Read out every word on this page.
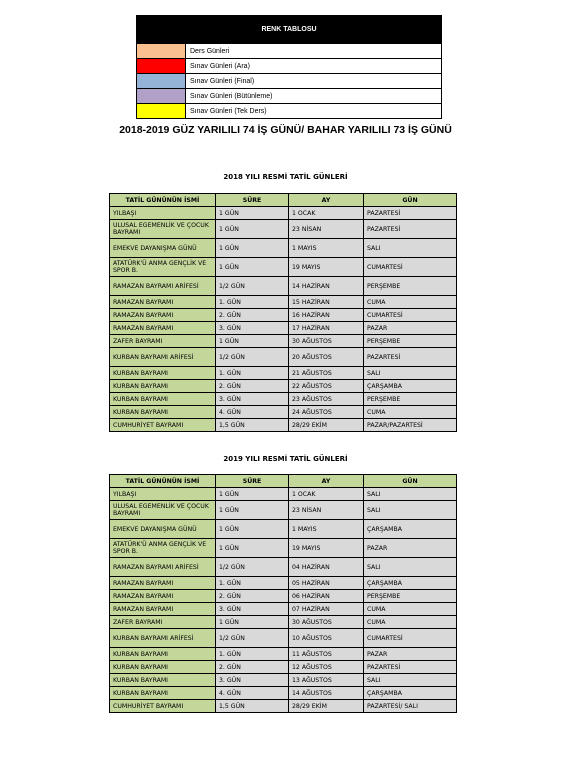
RENK TABLOSU	
	Ders Günleri
	Sınav Günleri (Ara)
	Sınav Günleri (Final)
	Sınav Günleri (Bütünleme)
	Sınav Günleri (Tek Ders)
2018-2019 GÜZ YARILILI 74 İŞ GÜNÜ/ BAHAR YARILILI 73 İŞ GÜNÜ
2018 YILI RESMİ TATİL GÜNLERİ
TATİL GÜNÜNÜN İSMİ	SÜRE	AY	GÜN
YILBAŞI	1 GÜN	1 OCAK	PAZARTESİ
ULUSAL EGEMENLİK VE ÇOCUK BAYRAMI	1 GÜN	23 NİSAN	PAZARTESİ
EMEKVE DAYANIŞMA GÜNÜ	1 GÜN	1 MAYIS	SALI
ATATÜRK'Ü ANMA GENÇLİK VE SPOR B.	1 GÜN	19 MAYIS	CUMARTESİ
RAMAZAN BAYRAMI ARİFESİ	1/2 GÜN	14 HAZİRAN	PERŞEMBE
RAMAZAN BAYRAMI	1. GÜN	15 HAZİRAN	CUMA
RAMAZAN BAYRAMI	2. GÜN	16 HAZİRAN	CUMARTESİ
RAMAZAN BAYRAMI	3. GÜN	17 HAZİRAN	PAZAR
ZAFER BAYRAMI	1 GÜN	30 AĞUSTOS	PERŞEMBE
KURBAN BAYRAMI ARİFESİ	1/2 GÜN	20 AĞUSTOS	PAZARTESİ
KURBAN BAYRAMI	1. GÜN	21 AĞUSTOS	SALI
KURBAN BAYRAMI	2. GÜN	22 AĞUSTOS	ÇARŞAMBA
KURBAN BAYRAMI	3. GÜN	23 AĞUSTOS	PERŞEMBE
KURBAN BAYRAMI	4. GÜN	24 AĞUSTOS	CUMA
CUMHURİYET BAYRAMI	1,5 GÜN	28/29 EKİM	PAZAR/PAZARTESİ
2019 YILI RESMİ TATİL GÜNLERİ
TATİL GÜNÜNÜN İSMİ	SÜRE	AY	GÜN
YILBAŞI	1 GÜN	1 OCAK	SALI
ULUSAL EGEMENLİK VE ÇOCUK BAYRAMI	1 GÜN	23 NİSAN	SALI
EMEKVE DAYANIŞMA GÜNÜ	1 GÜN	1 MAYIS	ÇARŞAMBA
ATATÜRK'Ü ANMA GENÇLİK VE SPOR B.	1 GÜN	19 MAYIS	PAZAR
RAMAZAN BAYRAMI ARİFESİ	1/2 GÜN	04 HAZİRAN	SALI
RAMAZAN BAYRAMI	1. GÜN	05 HAZİRAN	ÇARŞAMBA
RAMAZAN BAYRAMI	2. GÜN	06 HAZİRAN	PERŞEMBE
RAMAZAN BAYRAMI	3. GÜN	07 HAZİRAN	CUMA
ZAFER BAYRAMI	1 GÜN	30 AĞUSTOS	CUMA
KURBAN BAYRAMI ARİFESİ	1/2 GÜN	10 AĞUSTOS	CUMARTESİ
KURBAN BAYRAMI	1. GÜN	11 AĞUSTOS	PAZAR
KURBAN BAYRAMI	2. GÜN	12 AĞUSTOS	PAZARTESİ
KURBAN BAYRAMI	3. GÜN	13 AĞUSTOS	SALI
KURBAN BAYRAMI	4. GÜN	14 AĞUSTOS	ÇARŞAMBA
CUMHURİYET BAYRAMI	1,5 GÜN	28/29 EKİM	PAZARTESİ/ SALI
